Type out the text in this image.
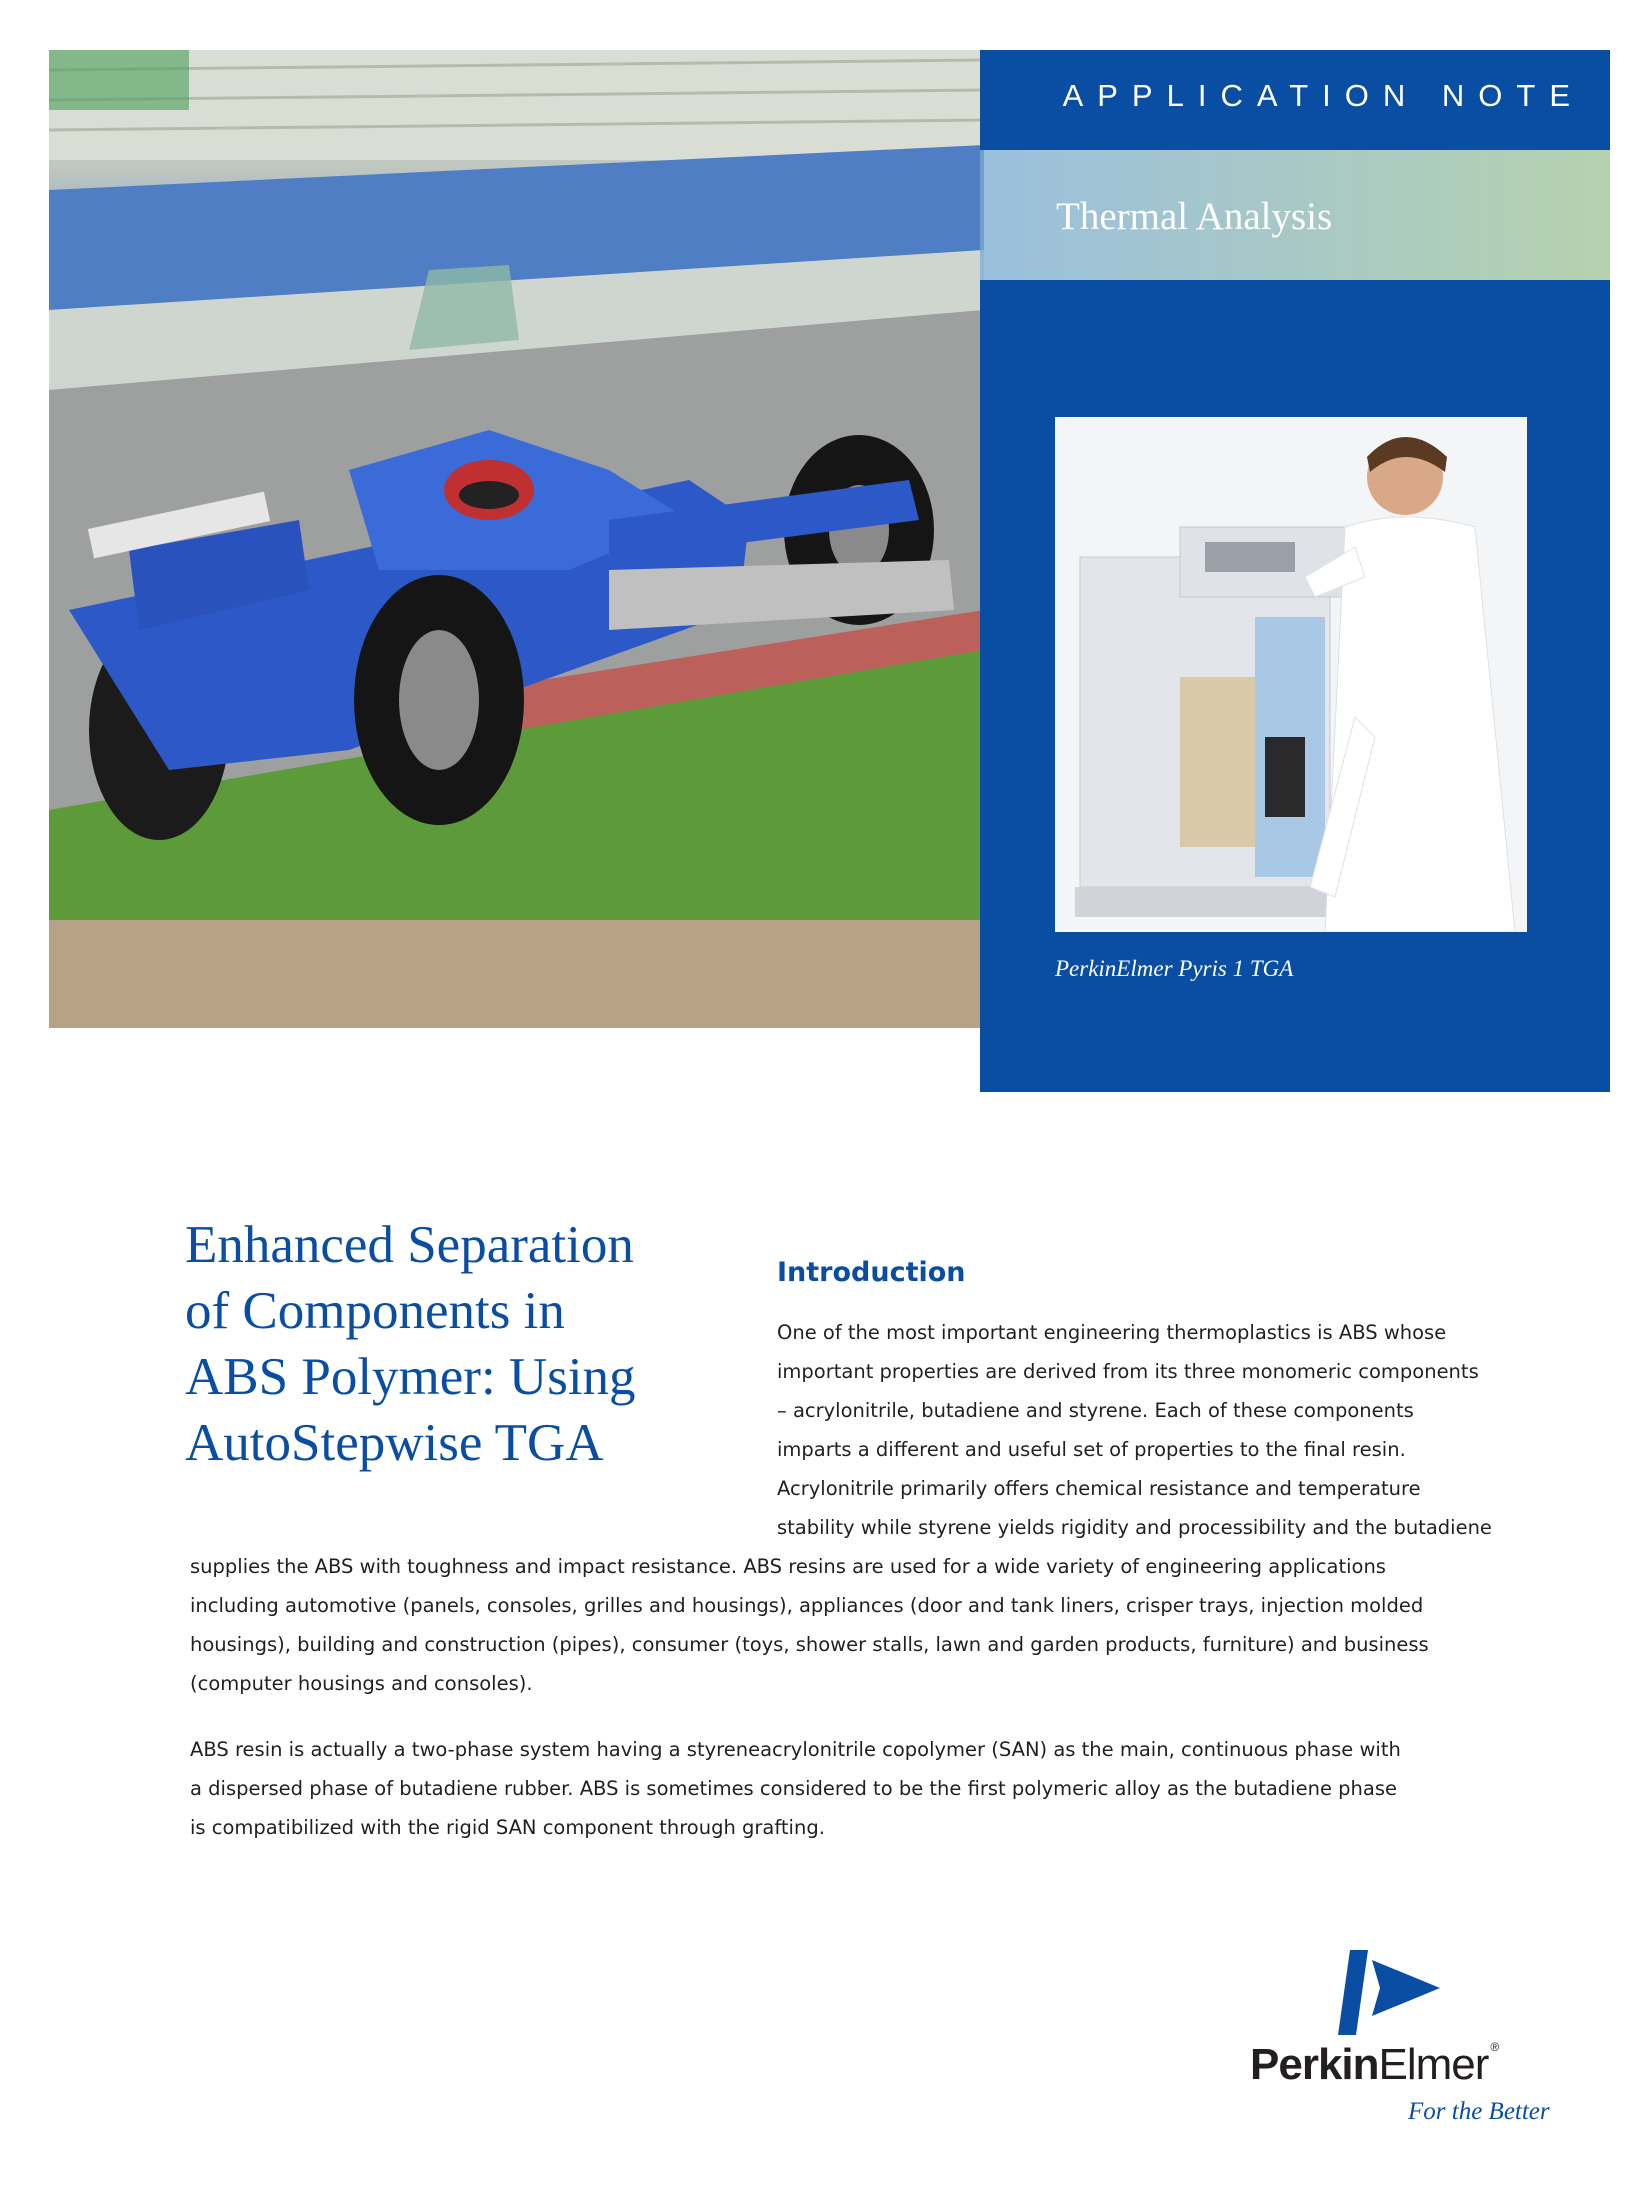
APPLICATION NOTE
Thermal Analysis
PerkinElmer Pyris 1 TGA
Enhanced Separation
of Components in
ABS Polymer: Using
AutoStepwise TGA
Introduction
One of the most important engineering thermoplastics is ABS whose
important properties are derived from its three monomeric components
– acrylonitrile, butadiene and styrene. Each of these components
imparts a different and useful set of properties to the final resin.
Acrylonitrile primarily offers chemical resistance and temperature
stability while styrene yields rigidity and processibility and the butadiene
supplies the ABS with toughness and impact resistance. ABS resins are used for a wide variety of engineering applications
including automotive (panels, consoles, grilles and housings), appliances (door and tank liners, crisper trays, injection molded
housings), building and construction (pipes), consumer (toys, shower stalls, lawn and garden products, furniture) and business
(computer housings and consoles).
ABS resin is actually a two-phase system having a styreneacrylonitrile copolymer (SAN) as the main, continuous phase with
a dispersed phase of butadiene rubber. ABS is sometimes considered to be the first polymeric alloy as the butadiene phase
is compatibilized with the rigid SAN component through grafting.
PerkinElmer ®
For the Better
